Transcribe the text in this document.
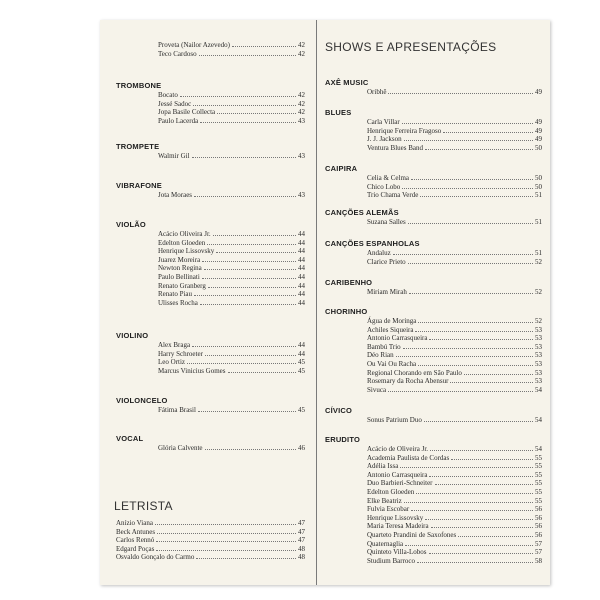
Proveta (Nailor Azevedo)	42
Teco Cardoso	42
TROMBONE
Bocato	42
Jessé Sadoc	42
Jopa Basile Collecta	42
Paulo Lacerda	43
TROMPETE
Walmir Gil	43
VIBRAFONE
Jota Moraes	43
VIOLÃO
Acácio Oliveira Jr.	44
Edelton Gloeden	44
Henrique Lissovsky	44
Juarez Moreira	44
Newton Regina	44
Paulo Bellinati	44
Renato Granberg	44
Renato Piau	44
Ulisses Rocha	44
VIOLINO
Alex Braga	44
Harry Schroeter	44
Leo Ortiz	45
Marcus Vinicius Gomes	45
VIOLONCELO
Fátima Brasil	45
VOCAL
Glória Calvente	46
LETRISTA
Anízio Viana	47
Beck Antunes	47
Carlos Rennó	47
Edgard Poças	48
Osvaldo Gonçalo do Carmo	48
SHOWS E APRESENTAÇÕES
AXÊ MUSIC
Oribhê	49
BLUES
Carla Villar	49
Henrique Ferreira Fragoso	49
J. J. Jackson	49
Ventura Blues Band	50
CAIPIRA
Celia & Celma	50
Chico Lobo	50
Trio Chama Verde	51
CANÇÕES ALEMÃS
Suzana Salles	51
CANÇÕES ESPANHOLAS
Andaluz	51
Clarice Prieto	52
CARIBENHO
Miriam Mirah	52
CHORINHO
Água de Moringa	52
Achiles Siqueira	53
Antonio Carrasqueira	53
Bambú Trio	53
Déo Rian	53
Ou Vai Ou Racha	53
Regional Chorando em São Paulo	53
Rosemary da Rocha Abensur	53
Sivuca	54
CÍVICO
Sonus Patrium Duo	54
ERUDITO
Acácio de Oliveira Jr.	54
Academia Paulista de Cordas	55
Adélia Issa	55
Antonio Carrasqueira	55
Duo Barbieri-Schneiter	55
Edelton Gloeden	55
Elke Beatriz	55
Fulvia Escobar	56
Henrique Lissovsky	56
Maria Teresa Madeira	56
Quarteto Prandini de Saxofones	56
Quaternaglia	57
Quinteto Villa-Lobos	57
Studium Barroco	58
